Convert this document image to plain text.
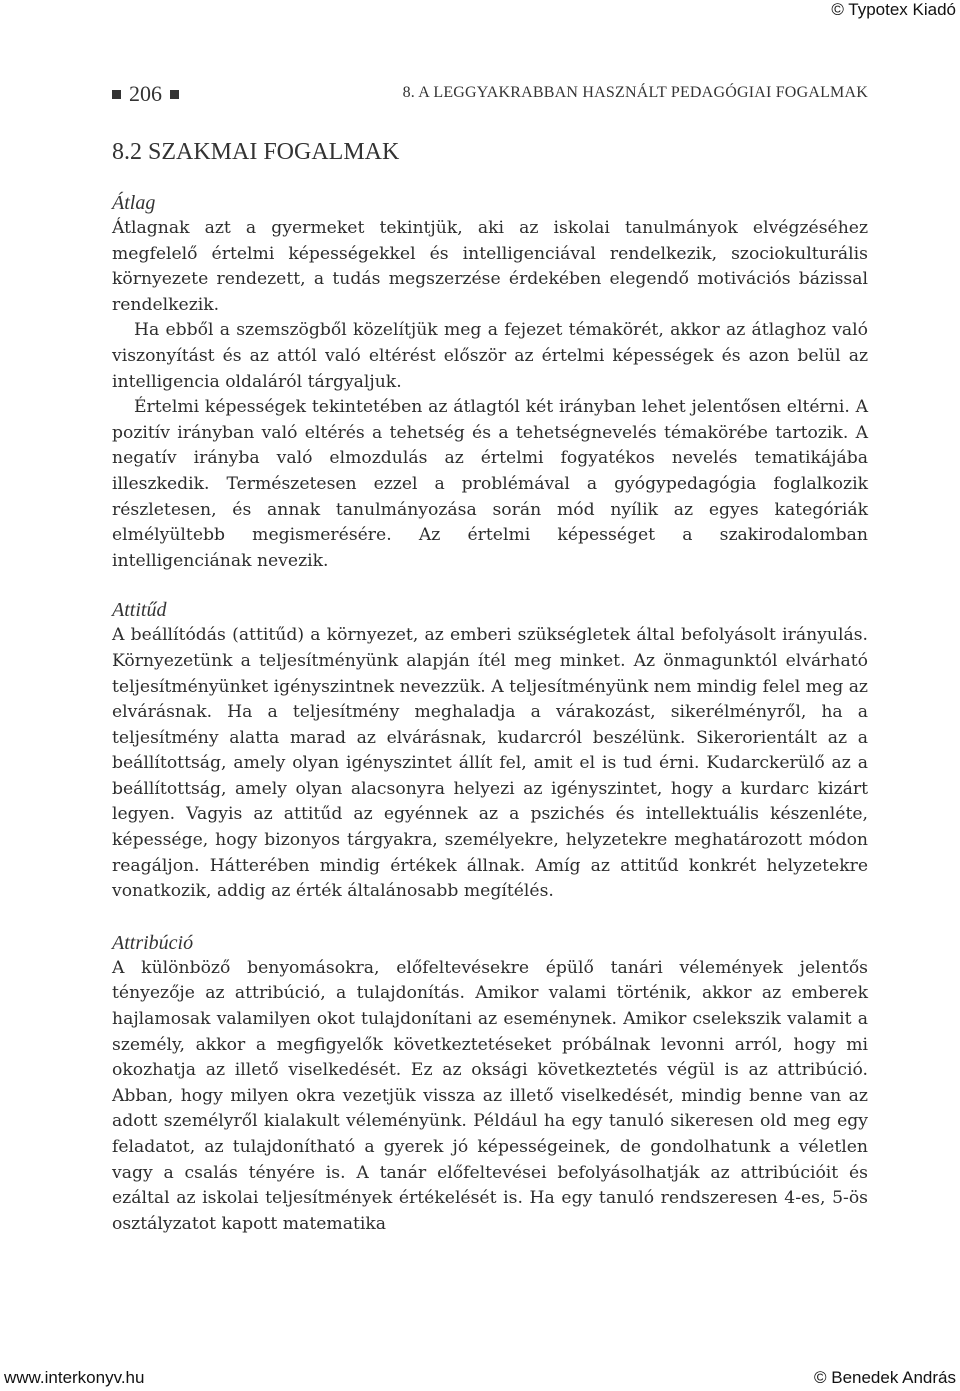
© Typotex Kiadó
206	8. A LEGGYAKRABBAN HASZNÁLT PEDAGÓGIAI FOGALMAK
8.2 SZAKMAI FOGALMAK

Átlag

Átlagnak azt a gyermeket tekintjük, aki az iskolai tanulmányok elvégzéséhez megfelelő értelmi képességekkel és intelligenciával rendelkezik, szociokulturális környezete rendezett, a tudás megszerzése érdekében elegendő motivációs bázissal rendelkezik.

Ha ebből a szemszögből közelítjük meg a fejezet témakörét, akkor az átlaghoz való viszonyítást és az attól való eltérést először az értelmi képességek és azon belül az intelligencia oldaláról tárgyaljuk.

Értelmi képességek tekintetében az átlagtól két irányban lehet jelentősen eltérni. A pozitív irányban való eltérés a tehetség és a tehetségnevelés témakörébe tartozik. A negatív irányba való elmozdulás az értelmi fogyatékos nevelés tematikájába illeszkedik. Természetesen ezzel a problémával a gyógypedagógia foglalkozik részletesen, és annak tanulmányozása során mód nyílik az egyes kategóriák elmélyültebb megismerésére. Az értelmi képességet a szakirodalomban intelligenciának nevezik.

Attitűd

A beállítódás (attitűd) a környezet, az emberi szükségletek által befolyásolt irányulás. Környezetünk a teljesítményünk alapján ítél meg minket. Az önmagunktól elvárható teljesítményünket igényszintnek nevezzük. A teljesítményünk nem mindig felel meg az elvárásnak. Ha a teljesítmény meghaladja a várakozást, sikerélményről, ha a teljesítmény alatta marad az elvárásnak, kudarcról beszélünk. Sikerorientált az a beállítottság, amely olyan igényszintet állít fel, amit el is tud érni. Kudarckerülő az a beállítottság, amely olyan alacsonyra helyezi az igényszintet, hogy a kurdarc kizárt legyen. Vagyis az attitűd az egyénnek az a pszichés és intellektuális készenléte, képessége, hogy bizonyos tárgyakra, személyekre, helyzetekre meghatározott módon reagáljon. Hátterében mindig értékek állnak. Amíg az attitűd konkrét helyzetekre vonatkozik, addig az érték általánosabb megítélés.

Attribúció

A különböző benyomásokra, előfeltevésekre épülő tanári vélemények jelentős tényezője az attribúció, a tulajdonítás. Amikor valami történik, akkor az emberek hajlamosak valamilyen okot tulajdonítani az eseménynek. Amikor cselekszik valamit a személy, akkor a megfigyelők következtetéseket próbálnak levonni arról, hogy mi okozhatja az illető viselkedését. Ez az oksági következtetés végül is az attribúció. Abban, hogy milyen okra vezetjük vissza az illető viselkedését, mindig benne van az adott személyről kialakult véleményünk. Például ha egy tanuló sikeresen old meg egy feladatot, az tulajdonítható a gyerek jó képességeinek, de gondolhatunk a véletlen vagy a csalás tényére is. A tanár előfeltevései befolyásolhatják az attribúcióit és ezáltal az iskolai teljesítmények értékelését is. Ha egy tanuló rendszeresen 4-es, 5-ös osztályzatot kapott matematika

www.interkonyv.hu	© Benedek András
